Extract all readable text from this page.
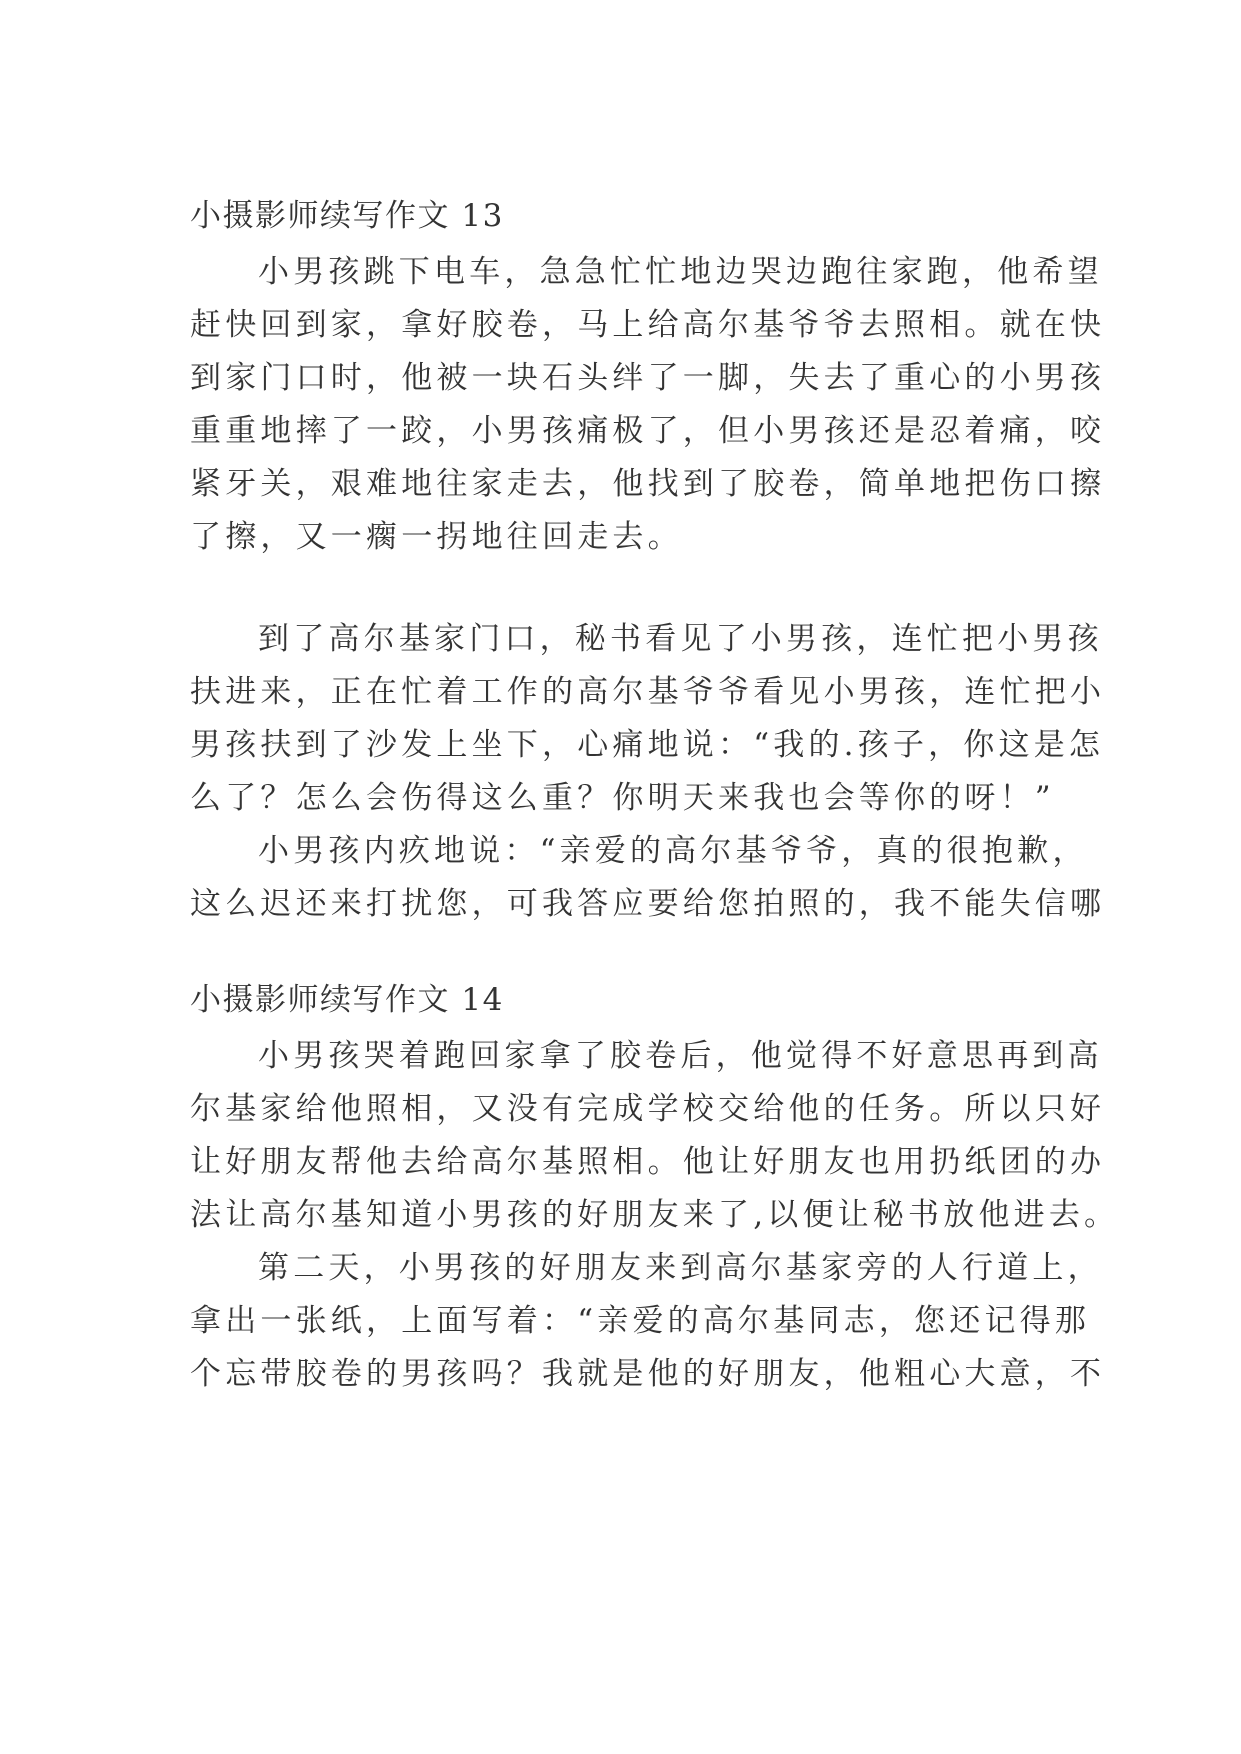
小摄影师续写作文 13
小男孩跳下电车，急急忙忙地边哭边跑往家跑，他希望
赶快回到家，拿好胶卷，马上给高尔基爷爷去照相。就在快
到家门口时，他被一块石头绊了一脚，失去了重心的小男孩
重重地摔了一跤，小男孩痛极了，但小男孩还是忍着痛，咬
紧牙关，艰难地往家走去，他找到了胶卷，简单地把伤口擦
了擦，又一瘸一拐地往回走去。
到了高尔基家门口，秘书看见了小男孩，连忙把小男孩
扶进来，正在忙着工作的高尔基爷爷看见小男孩，连忙把小
男孩扶到了沙发上坐下，心痛地说：“我的.孩子，你这是怎
么了？怎么会伤得这么重？你明天来我也会等你的呀！”
小男孩内疚地说：“亲爱的高尔基爷爷，真的很抱歉，
这么迟还来打扰您，可我答应要给您拍照的，我不能失信哪
小摄影师续写作文 14
小男孩哭着跑回家拿了胶卷后，他觉得不好意思再到高
尔基家给他照相，又没有完成学校交给他的任务。所以只好
让好朋友帮他去给高尔基照相。他让好朋友也用扔纸团的办
法让高尔基知道小男孩的好朋友来了,以便让秘书放他进去。
第二天，小男孩的好朋友来到高尔基家旁的人行道上，
拿出一张纸，上面写着：“亲爱的高尔基同志，您还记得那
个忘带胶卷的男孩吗？我就是他的好朋友，他粗心大意，不
